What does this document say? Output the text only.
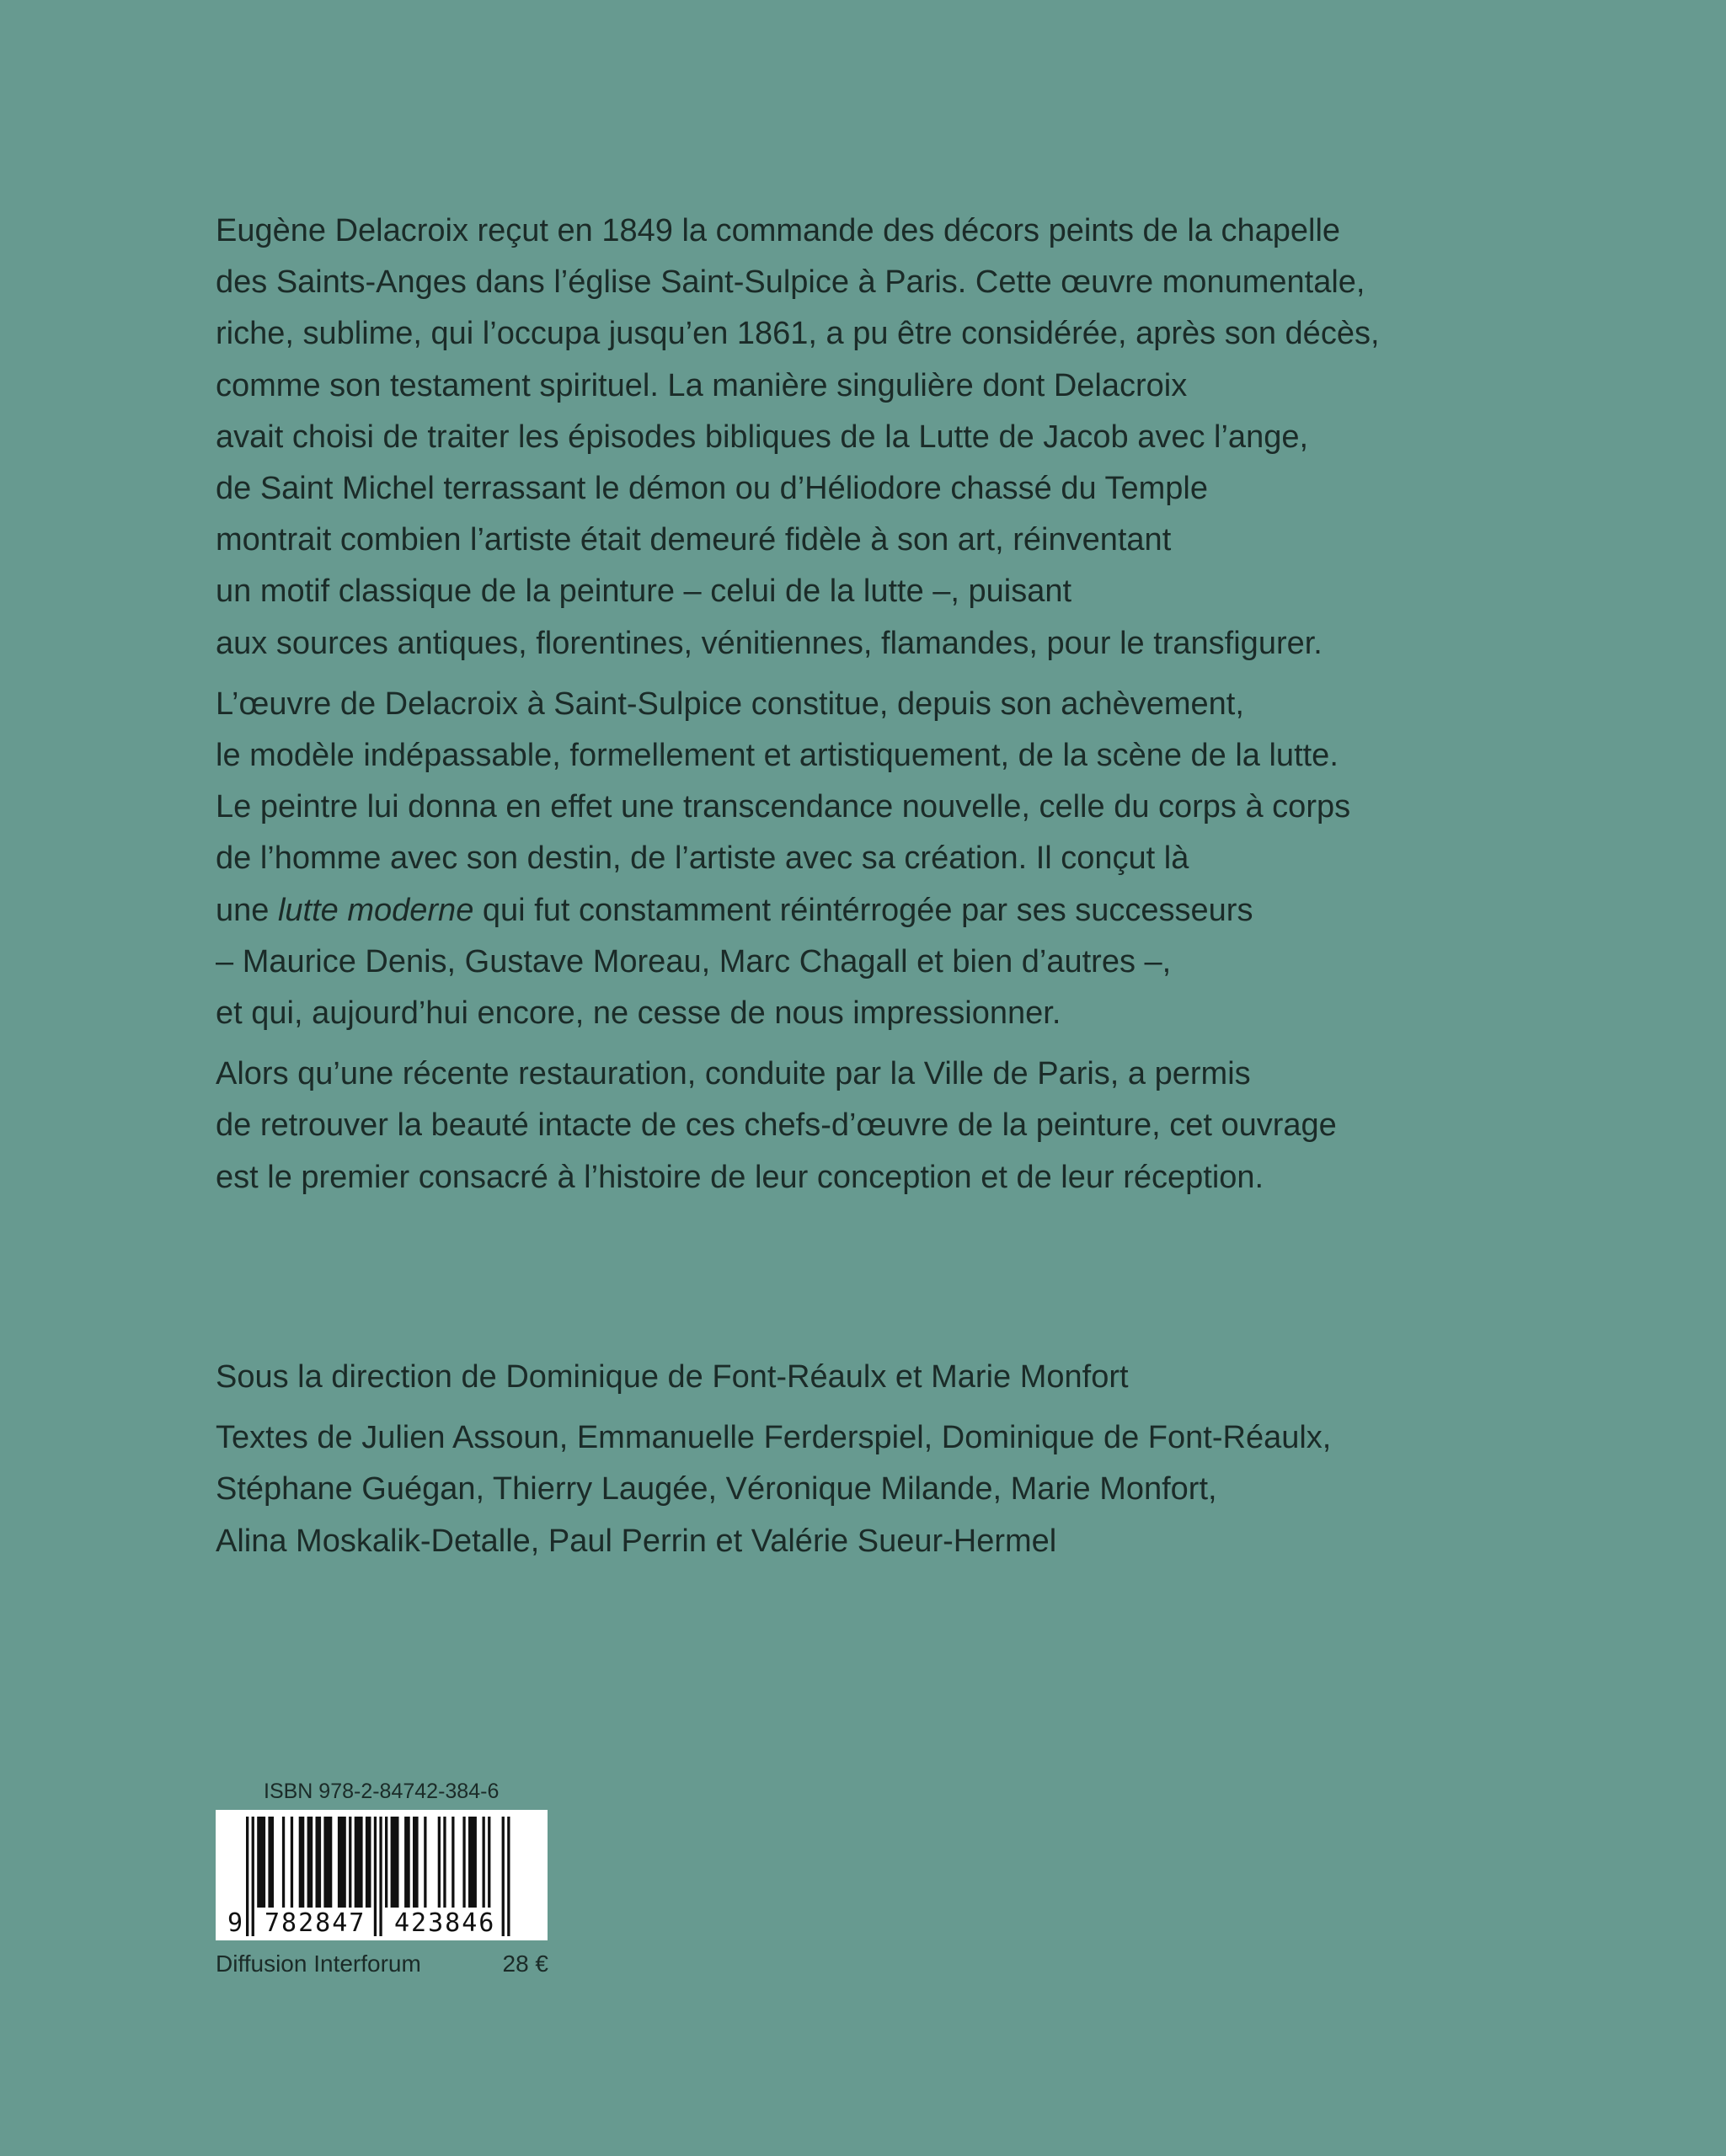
Eugène Delacroix reçut en 1849 la commande des décors peints de la chapelle
des Saints-Anges dans l’église Saint-Sulpice à Paris. Cette œuvre monumentale,
riche, sublime, qui l’occupa jusqu’en 1861, a pu être considérée, après son décès,
comme son testament spirituel. La manière singulière dont Delacroix
avait choisi de traiter les épisodes bibliques de la Lutte de Jacob avec l’ange,
de Saint Michel terrassant le démon ou d’Héliodore chassé du Temple
montrait combien l’artiste était demeuré fidèle à son art, réinventant
un motif classique de la peinture – celui de la lutte –, puisant
aux sources antiques, florentines, vénitiennes, flamandes, pour le transfigurer.
L’œuvre de Delacroix à Saint-Sulpice constitue, depuis son achèvement,
le modèle indépassable, formellement et artistiquement, de la scène de la lutte.
Le peintre lui donna en effet une transcendance nouvelle, celle du corps à corps
de l’homme avec son destin, de l’artiste avec sa création. Il conçut là
une lutte moderne qui fut constamment réintérrogée par ses successeurs
– Maurice Denis, Gustave Moreau, Marc Chagall et bien d’autres –,
et qui, aujourd’hui encore, ne cesse de nous impressionner.
Alors qu’une récente restauration, conduite par la Ville de Paris, a permis
de retrouver la beauté intacte de ces chefs-d’œuvre de la peinture, cet ouvrage
est le premier consacré à l’histoire de leur conception et de leur réception.
Sous la direction de Dominique de Font-Réaulx et Marie Monfort
Textes de Julien Assoun, Emmanuelle Ferderspiel, Dominique de Font-Réaulx,
Stéphane Guégan, Thierry Laugée, Véronique Milande, Marie Monfort,
Alina Moskalik-Detalle, Paul Perrin et Valérie Sueur-Hermel
ISBN 978-2-84742-384-6
9 782847 423846
Diffusion Interforum	28 €
